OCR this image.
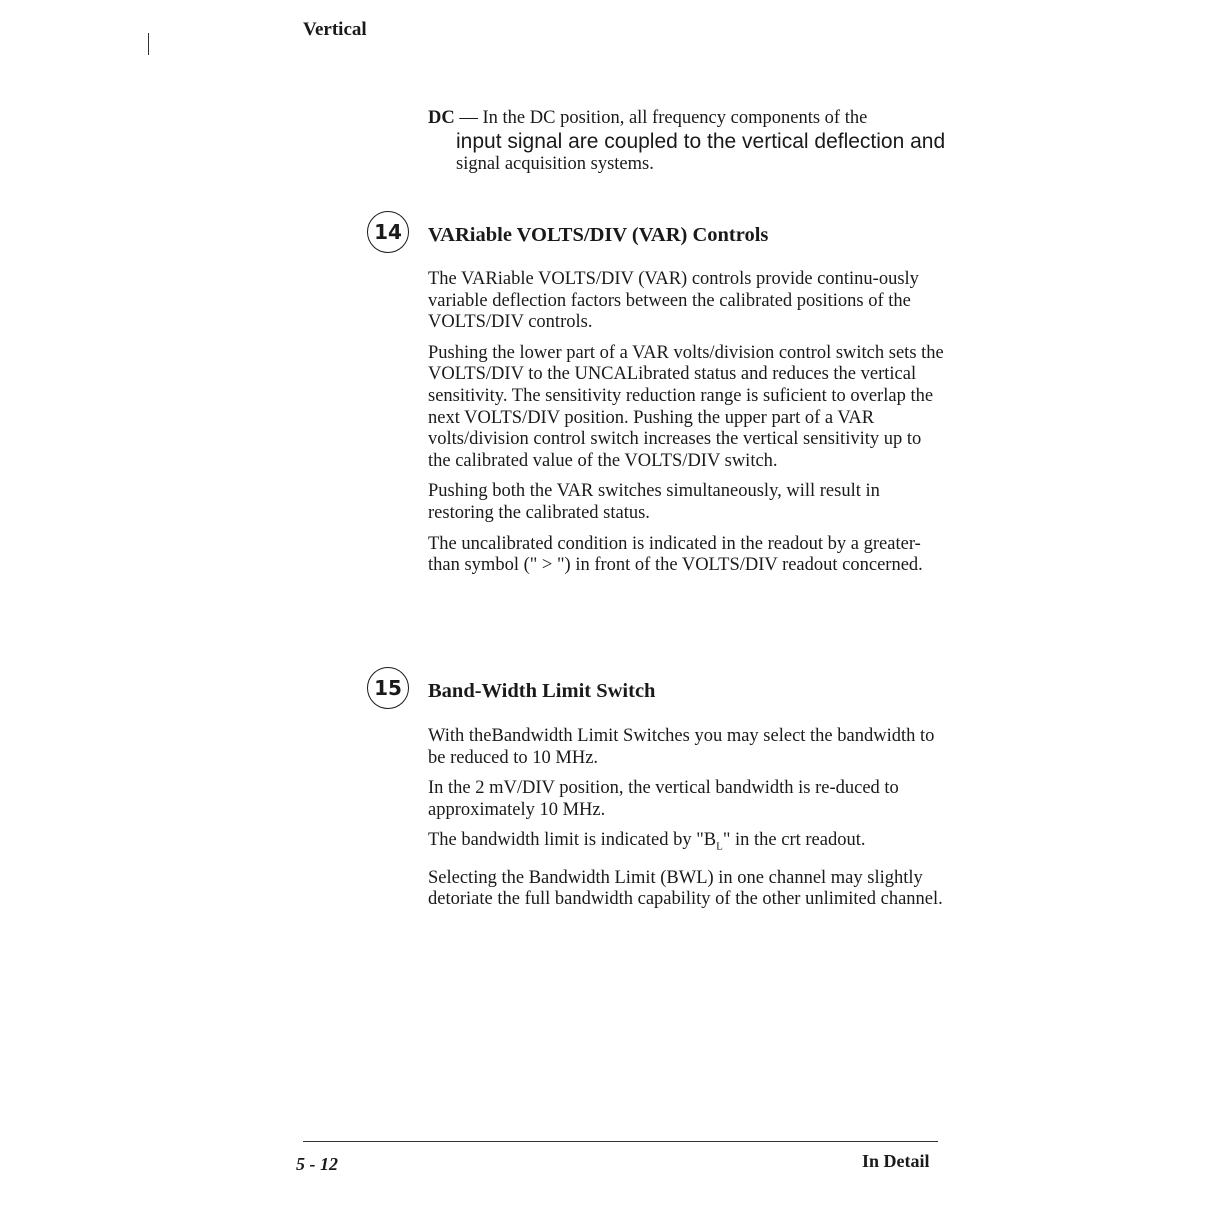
Vertical
DC — In the DC position, all frequency components of the
input signal are coupled to the vertical deflection and
signal acquisition systems.
14 VARiable VOLTS/DIV (VAR) Controls

The VARiable VOLTS/DIV (VAR) controls provide continu-ously variable deflection factors between the calibrated positions of the VOLTS/DIV controls.

Pushing the lower part of a VAR volts/division control switch sets the VOLTS/DIV to the UNCALibrated status and reduces the vertical sensitivity. The sensitivity reduction range is suficient to overlap the next VOLTS/DIV position. Pushing the upper part of a VAR volts/division control switch increases the vertical sensitivity up to the calibrated value of the VOLTS/DIV switch.

Pushing both the VAR switches simultaneously, will result in restoring the calibrated status.

The uncalibrated condition is indicated in the readout by a greater-than symbol (" > ") in front of the VOLTS/DIV readout concerned.

15 Band-Width Limit Switch

With theBandwidth Limit Switches you may select the bandwidth to be reduced to 10 MHz.

In the 2 mV/DIV position, the vertical bandwidth is re-duced to approximately 10 MHz.

The bandwidth limit is indicated by "$B_L$" in the crt readout.

Selecting the Bandwidth Limit (BWL) in one channel may slightly detoriate the full bandwidth capability of the other unlimited channel.

5 - 12	In Detail
